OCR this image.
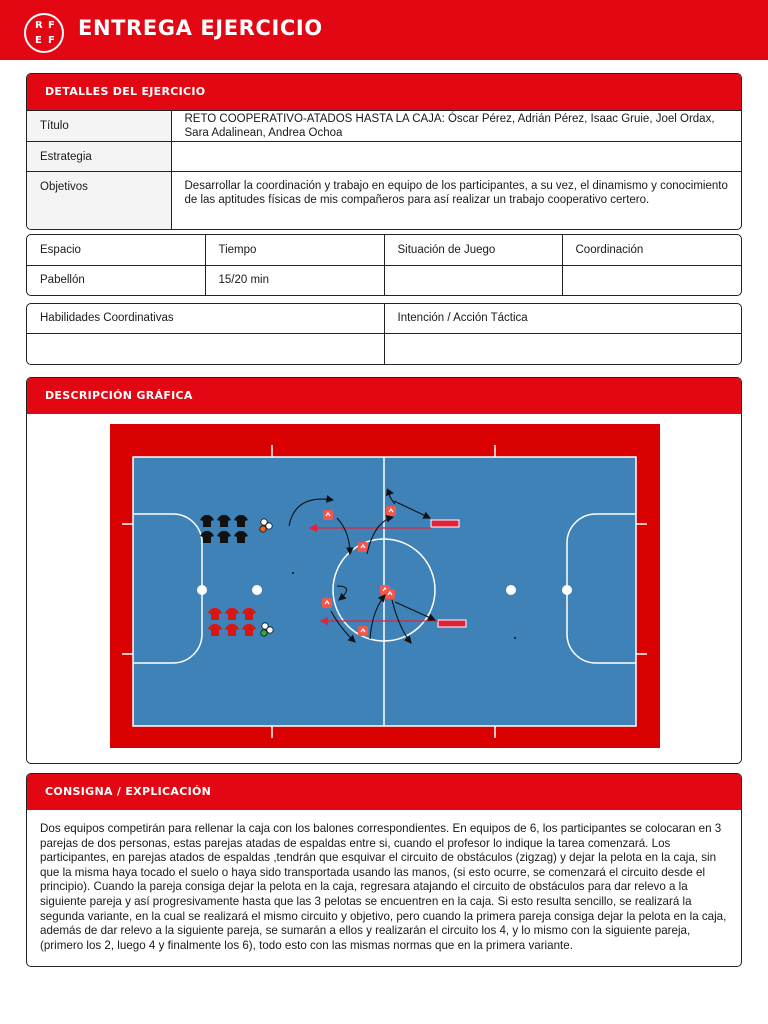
R F
E F
ENTREGA EJERCICIO
DETALLES DEL EJERCICIO
Título	RETO COOPERATIVO-ATADOS HASTA LA CAJA: Óscar Pérez, Adrián Pérez, Isaac Gruie, Joel Ordax, Sara Adalinean, Andrea Ochoa
Estrategia	
Objetivos	Desarrollar la coordinación y trabajo en equipo de los participantes, a su vez, el dinamismo y conocimiento de las aptitudes físicas de mis compañeros para así realizar un trabajo cooperativo certero.
Espacio	Tiempo	Situación de Juego	Coordinación
Pabellón	15/20 min		
Habilidades Coordinativas	Intención / Acción Táctica

DESCRIPCIÓN GRÁFICA
CONSIGNA / EXPLICACIÓN
Dos equipos competirán para rellenar la caja con los balones correspondientes. En equipos de 6, los participantes se colocaran en 3 parejas de dos personas, estas parejas atadas de espaldas entre si, cuando el profesor lo indique la tarea comenzará. Los participantes, en parejas atados de espaldas ,tendrán que esquivar el circuito de obstáculos (zigzag) y dejar la pelota en la caja, sin que la misma haya tocado el suelo o haya sido transportada usando las manos, (si esto ocurre, se comenzará el circuito desde el principio). Cuando la pareja consiga dejar la pelota en la caja, regresara atajando el circuito de obstáculos para dar relevo a la siguiente pareja y así progresivamente hasta que las 3 pelotas se encuentren en la caja. Si esto resulta sencillo, se realizará la segunda variante, en la cual se realizará el mismo circuito y objetivo, pero cuando la primera pareja consiga dejar la pelota en la caja, además de dar relevo a la siguiente pareja, se sumarán a ellos y realizarán el circuito los 4, y lo mismo con la siguiente pareja, (primero los 2, luego 4 y finalmente los 6), todo esto con las mismas normas que en la primera variante.
